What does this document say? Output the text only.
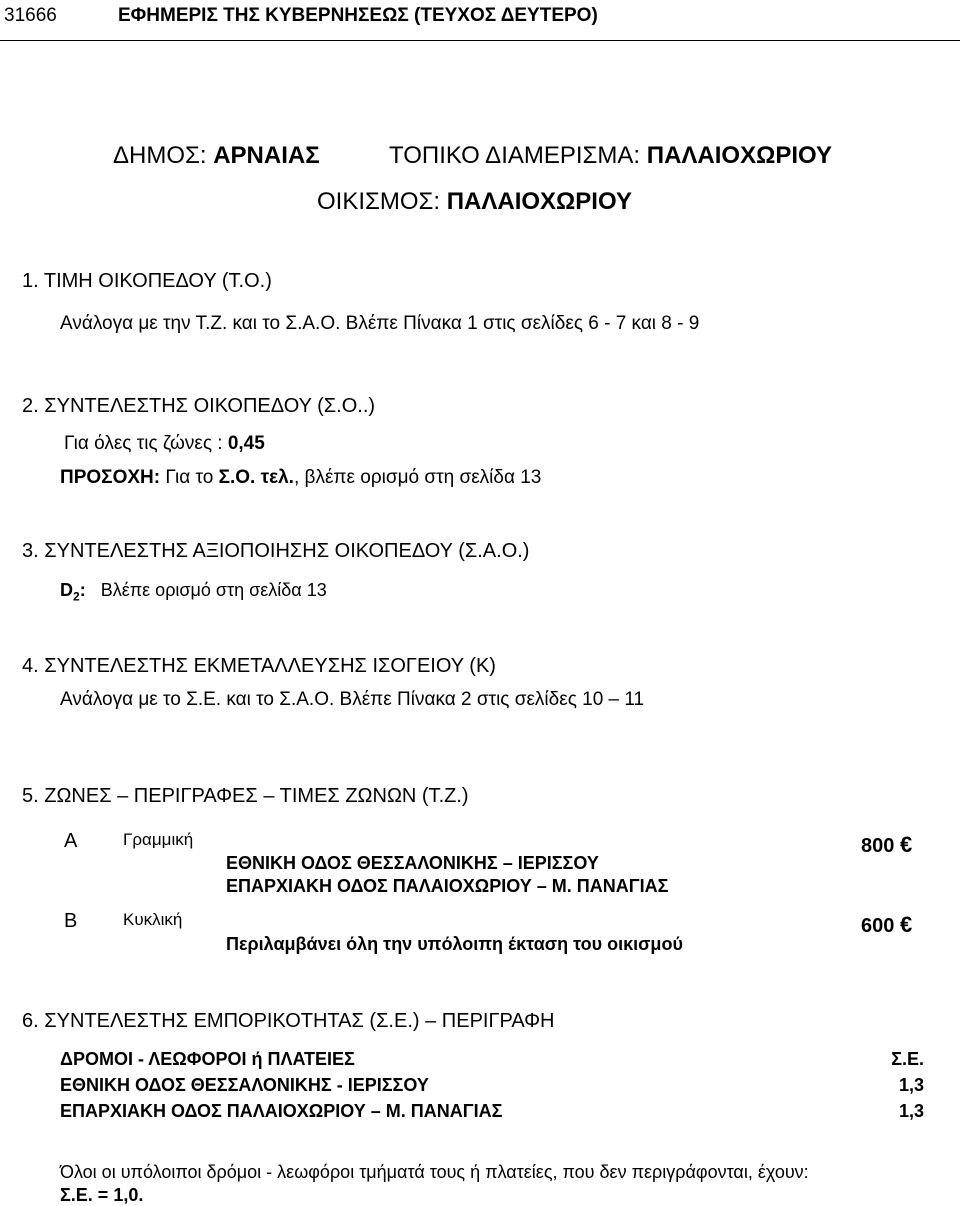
31666	ΕΦΗΜΕΡΙΣ ΤΗΣ ΚΥΒΕΡΝΗΣΕΩΣ (ΤΕΥΧΟΣ ΔΕΥΤΕΡΟ)
ΔΗΜΟΣ: ΑΡΝΑΙΑΣ	ΤΟΠΙΚΟ ΔΙΑΜΕΡΙΣΜΑ: ΠΑΛΑΙΟΧΩΡΙΟΥ
ΟΙΚΙΣΜΟΣ: ΠΑΛΑΙΟΧΩΡΙΟΥ
1. ΤΙΜΗ ΟΙΚΟΠΕΔΟΥ (Τ.Ο.)
Ανάλογα με την Τ.Ζ. και το Σ.Α.Ο. Βλέπε Πίνακα 1 στις σελίδες 6 - 7 και 8 - 9
2. ΣΥΝΤΕΛΕΣΤΗΣ ΟΙΚΟΠΕΔΟΥ (Σ.Ο..)
Για όλες τις ζώνες : 0,45
ΠΡΟΣΟΧΗ: Για το Σ.Ο. τελ., βλέπε ορισμό στη σελίδα 13
3. ΣΥΝΤΕΛΕΣΤΗΣ ΑΞΙΟΠΟΙΗΣΗΣ ΟΙΚΟΠΕΔΟΥ (Σ.Α.Ο.)
$D_2$: Βλέπε ορισμό στη σελίδα 13
4. ΣΥΝΤΕΛΕΣΤΗΣ ΕΚΜΕΤΑΛΛΕΥΣΗΣ ΙΣΟΓΕΙΟΥ (Κ)
Ανάλογα με το Σ.Ε. και το Σ.Α.Ο. Βλέπε Πίνακα 2 στις σελίδες 10 – 11
5. ΖΩΝΕΣ – ΠΕΡΙΓΡΑΦΕΣ – ΤΙΜΕΣ ΖΩΝΩΝ (Τ.Ζ.)
Α	Γραμμική	800 €
ΕΘΝΙΚΗ ΟΔΟΣ ΘΕΣΣΑΛΟΝΙΚΗΣ – ΙΕΡΙΣΣΟΥ
ΕΠΑΡΧΙΑΚΗ ΟΔΟΣ ΠΑΛΑΙΟΧΩΡΙΟΥ – Μ. ΠΑΝΑΓΙΑΣ
Β	Κυκλική	600 €
Περιλαμβάνει όλη την υπόλοιπη έκταση του οικισμού
6. ΣΥΝΤΕΛΕΣΤΗΣ ΕΜΠΟΡΙΚΟΤΗΤΑΣ (Σ.Ε.) – ΠΕΡΙΓΡΑΦΗ
ΔΡΟΜΟΙ - ΛΕΩΦΟΡΟΙ ή ΠΛΑΤΕΙΕΣ	Σ.Ε.
ΕΘΝΙΚΗ ΟΔΟΣ ΘΕΣΣΑΛΟΝΙΚΗΣ - ΙΕΡΙΣΣΟΥ	1,3
ΕΠΑΡΧΙΑΚΗ ΟΔΟΣ ΠΑΛΑΙΟΧΩΡΙΟΥ – Μ. ΠΑΝΑΓΙΑΣ	1,3
Όλοι οι υπόλοιποι δρόμοι - λεωφόροι τμήματά τους ή πλατείες, που δεν περιγράφονται, έχουν:
Σ.Ε. = 1,0.
